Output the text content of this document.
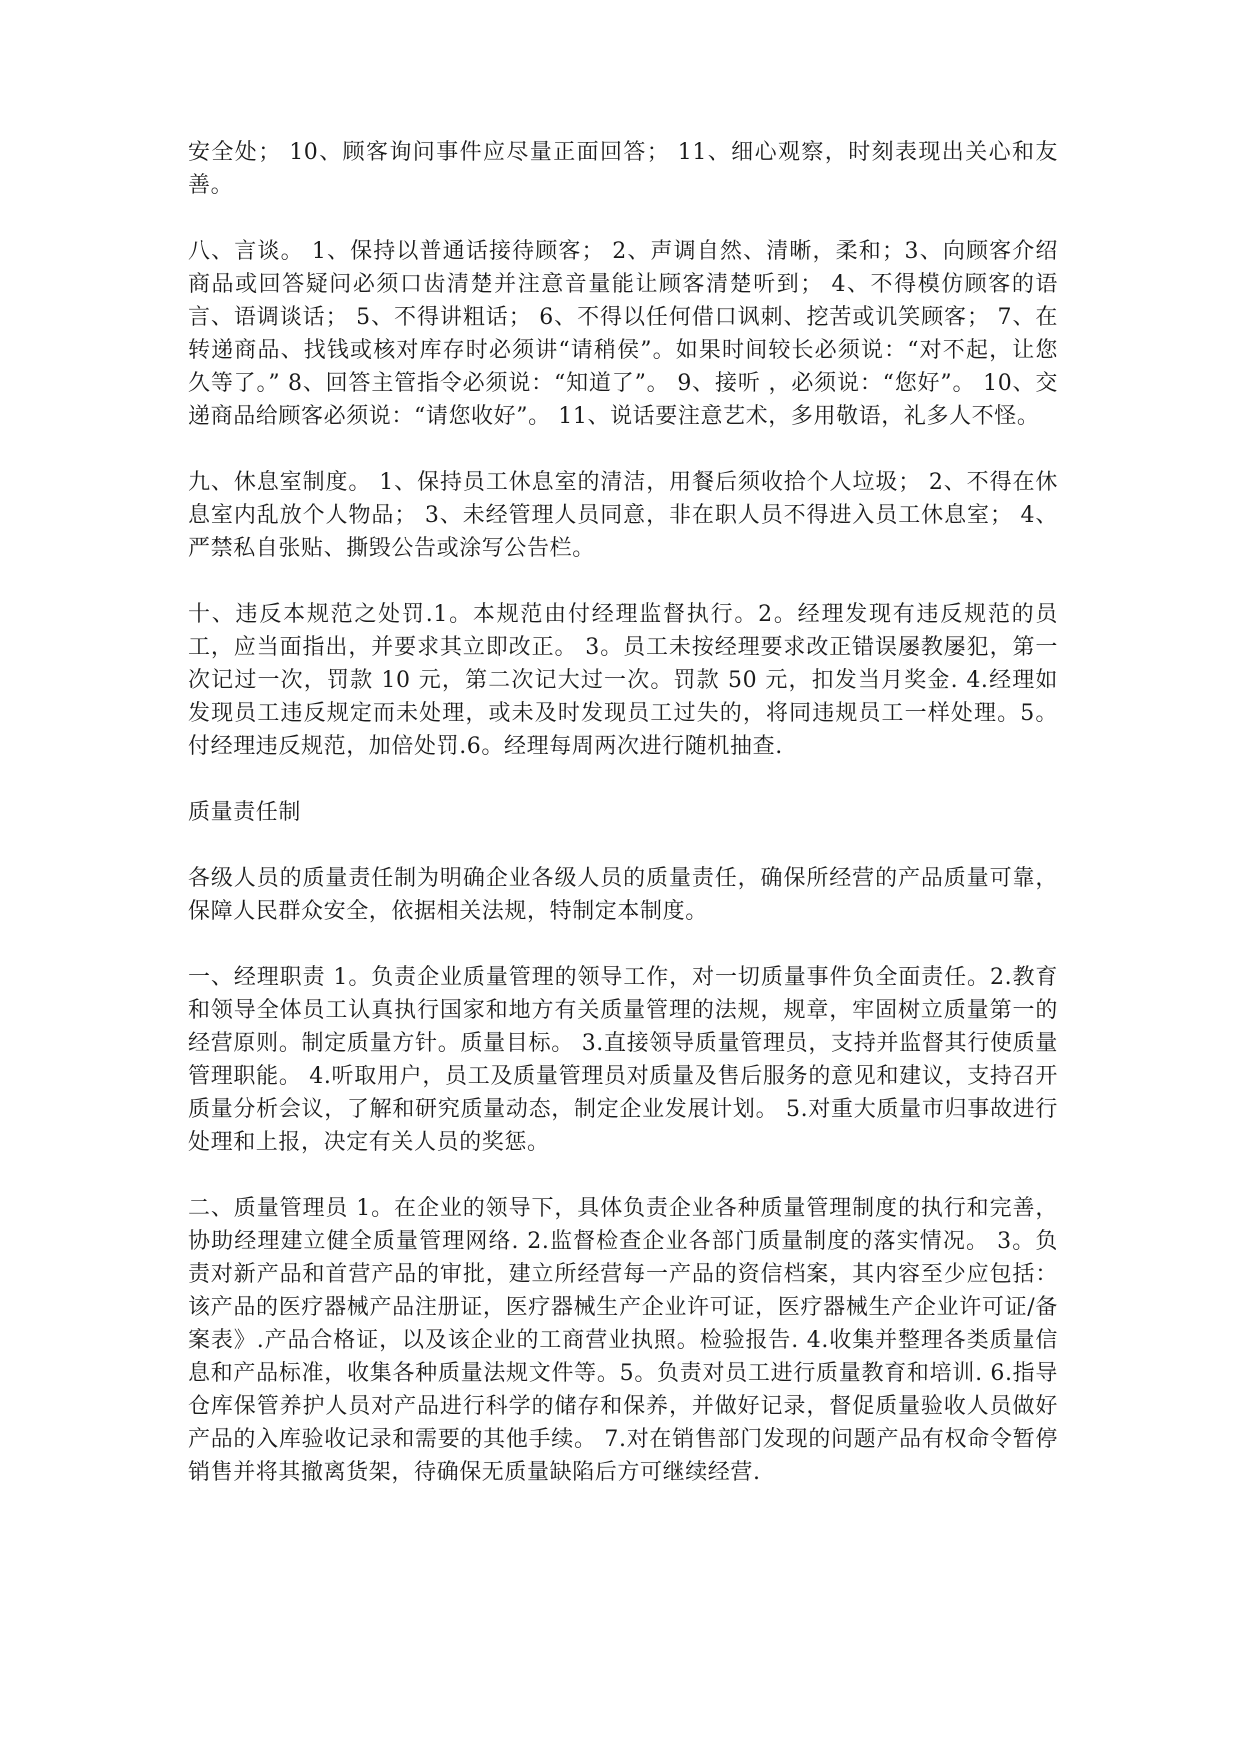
安全处； 10、顾客询问事件应尽量正面回答； 11、细心观察，时刻表现出关心和友善。

八、言谈。 1、保持以普通话接待顾客； 2、声调自然、清晰，柔和；3、向顾客介绍商品或回答疑问必须口齿清楚并注意音量能让顾客清楚听到； 4、不得模仿顾客的语言、语调谈话； 5、不得讲粗话； 6、不得以任何借口讽刺、挖苦或讥笑顾客； 7、在转递商品、找钱或核对库存时必须讲“请稍侯”。如果时间较长必须说：“对不起，让您久等了。” 8、回答主管指令必须说：“知道了”。 9、接听 ，必须说：“您好”。 10、交递商品给顾客必须说：“请您收好”。 11、说话要注意艺术，多用敬语，礼多人不怪。

九、休息室制度。 1、保持员工休息室的清洁，用餐后须收拾个人垃圾； 2、不得在休息室内乱放个人物品； 3、未经管理人员同意，非在职人员不得进入员工休息室； 4、严禁私自张贴、撕毁公告或涂写公告栏。

十、违反本规范之处罚.1。本规范由付经理监督执行。2。经理发现有违反规范的员工，应当面指出，并要求其立即改正。 3。员工未按经理要求改正错误屡教屡犯，第一次记过一次，罚款 10 元，第二次记大过一次。罚款 50 元，扣发当月奖金. 4.经理如发现员工违反规定而未处理，或未及时发现员工过失的，将同违规员工一样处理。5。付经理违反规范，加倍处罚.6。经理每周两次进行随机抽查.

质量责任制

各级人员的质量责任制为明确企业各级人员的质量责任，确保所经营的产品质量可靠，保障人民群众安全，依据相关法规，特制定本制度。

一、经理职责 1。负责企业质量管理的领导工作，对一切质量事件负全面责任。2.教育和领导全体员工认真执行国家和地方有关质量管理的法规，规章，牢固树立质量第一的经营原则。制定质量方针。质量目标。 3.直接领导质量管理员，支持并监督其行使质量管理职能。 4.听取用户，员工及质量管理员对质量及售后服务的意见和建议，支持召开质量分析会议，了解和研究质量动态，制定企业发展计划。 5.对重大质量市归事故进行处理和上报，决定有关人员的奖惩。

二、质量管理员 1。在企业的领导下，具体负责企业各种质量管理制度的执行和完善，协助经理建立健全质量管理网络. 2.监督检查企业各部门质量制度的落实情况。 3。负责对新产品和首营产品的审批，建立所经营每一产品的资信档案，其内容至少应包括：该产品的医疗器械产品注册证，医疗器械生产企业许可证，医疗器械生产企业许可证/备案表》.产品合格证，以及该企业的工商营业执照。检验报告. 4.收集并整理各类质量信息和产品标准，收集各种质量法规文件等。5。负责对员工进行质量教育和培训. 6.指导仓库保管养护人员对产品进行科学的储存和保养，并做好记录，督促质量验收人员做好产品的入库验收记录和需要的其他手续。 7.对在销售部门发现的问题产品有权命令暂停销售并将其撤离货架，待确保无质量缺陷后方可继续经营.
